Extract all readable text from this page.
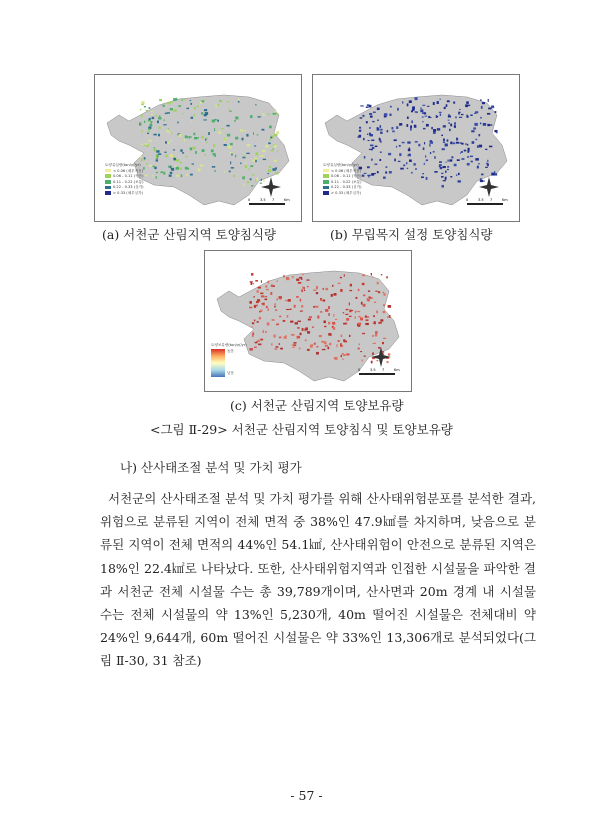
0	3.5 7	Km
토양유실량(ton/㎡/yr)
< 0.06 (매우적음)
0.06 - 0.11 (적음)
0.11 - 0.22 (보통)
0.22 - 0.33 (심각)
> 0.33 (매우심각)
(a) 서천군 산림지역 토양침식량
0	3.5 7	Km
토양유실량(ton/㎡/yr)
< 0.06 (매우적음)
0.06 - 0.11 (적음)
0.11 - 0.22 (보통)
0.22 - 0.33 (심각)
> 0.33 (매우심각)
(b) 무립목지 설정 토양침식량
0	3.5 7	Km
토양보유량(ton/㎡/yr)
높음
낮음
(c) 서천군 산림지역 토양보유량
<그림 Ⅱ-29> 서천군 산림지역 토양침식 및 토양보유량
나) 산사태조절 분석 및 가치 평가
서천군의 산사태조절 분석 및 가치 평가를 위해 산사태위험분포를 분석한 결과, 위험으로 분류된 지역이 전체 면적 중 38%인 47.9㎢를 차지하며, 낮음으로 분류된 지역이 전체 면적의 44%인 54.1㎢, 산사태위험이 안전으로 분류된 지역은 18%인 22.4㎢로 나타났다. 또한, 산사태위험지역과 인접한 시설물을 파악한 결과 서천군 전체 시설물 수는 총 39,789개이며, 산사면과 20m 경계 내 시설물 수는 전체 시설물의 약 13%인 5,230개, 40m 떨어진 시설물은 전체대비 약 24%인 9,644개, 60m 떨어진 시설물은 약 33%인 13,306개로 분석되었다(그림 Ⅱ-30, 31 참조)
- 57 -
